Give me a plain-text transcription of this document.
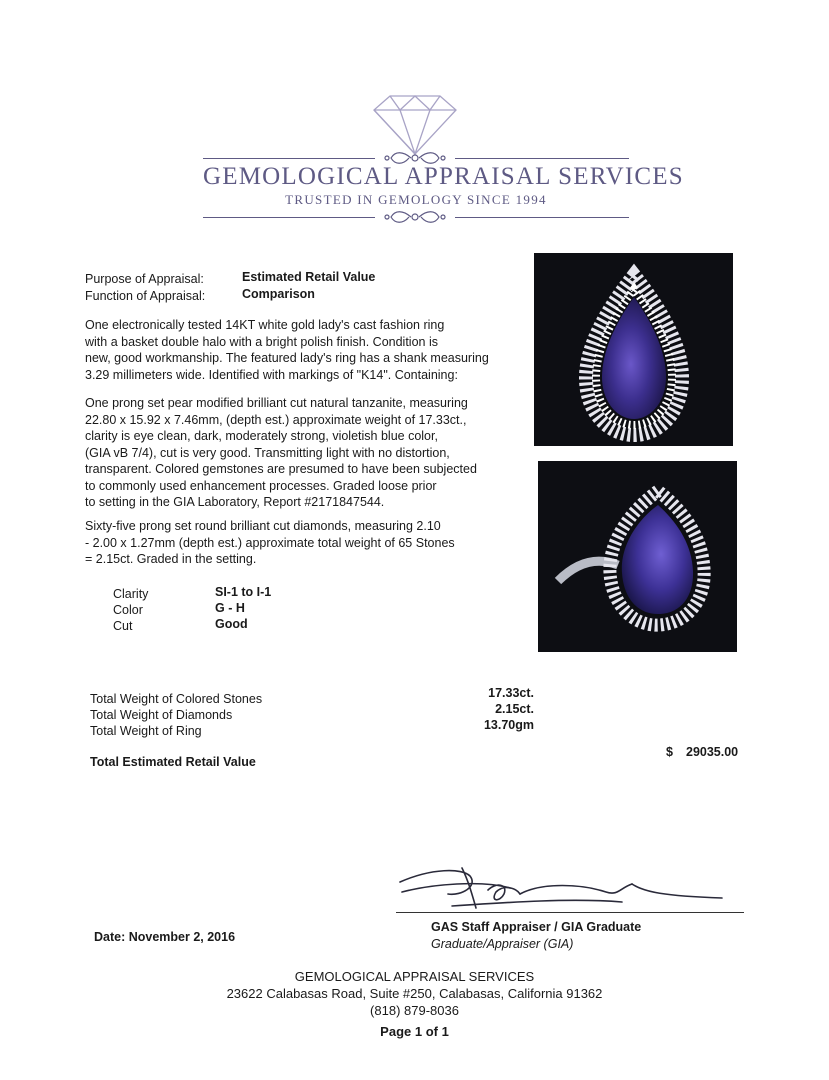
GEMOLOGICAL APPRAISAL SERVICES
TRUSTED IN GEMOLOGY SINCE 1994
Purpose of Appraisal:	Estimated Retail Value
Function of Appraisal:	Comparison
One electronically tested 14KT white gold lady's cast fashion ring
with a basket double halo with a bright polish finish. Condition is
new, good workmanship. The featured lady's ring has a shank measuring
3.29 millimeters wide. Identified with markings of "K14". Containing:
One prong set pear modified brilliant cut natural tanzanite, measuring
22.80 x 15.92 x 7.46mm, (depth est.) approximate weight of 17.33ct.,
clarity is eye clean, dark, moderately strong, violetish blue color,
(GIA vB 7/4), cut is very good. Transmitting light with no distortion,
transparent. Colored gemstones are presumed to have been subjected
to commonly used enhancement processes. Graded loose prior
to setting in the GIA Laboratory, Report #2171847544.
Sixty-five prong set round brilliant cut diamonds, measuring 2.10
- 2.00 x 1.27mm (depth est.) approximate total weight of 65 Stones
= 2.15ct. Graded in the setting.
Clarity	SI-1 to I-1
Color	G - H
Cut	Good
Total Weight of Colored Stones	17.33ct.
Total Weight of Diamonds	2.15ct.
Total Weight of Ring	13.70gm
Total Estimated Retail Value
$ 29035.00
Date: November 2, 2016
GAS Staff Appraiser / GIA Graduate
Graduate/Appraiser (GIA)
GEMOLOGICAL APPRAISAL SERVICES
23622 Calabasas Road, Suite #250, Calabasas, California 91362
(818) 879-8036
Page 1 of 1
